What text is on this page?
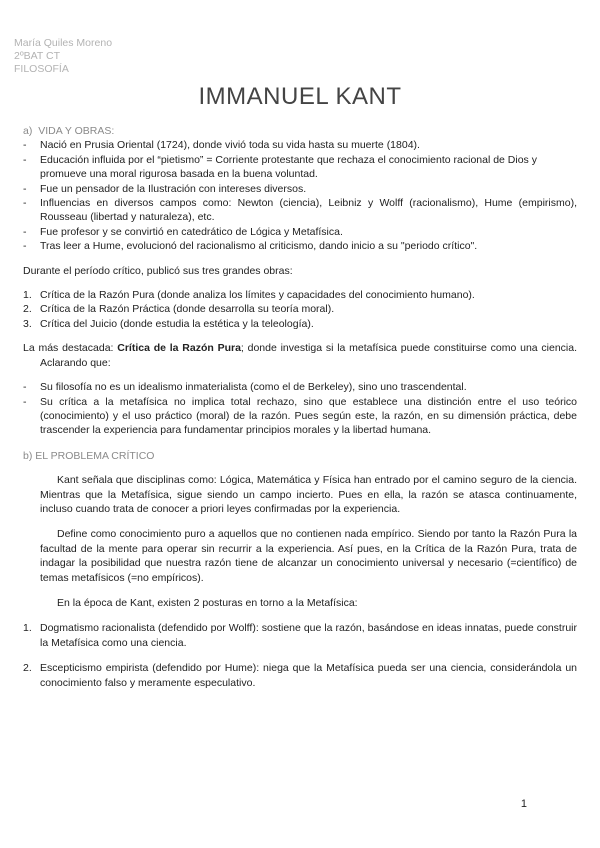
María Quiles Moreno
2ºBAT CT
FILOSOFÍA
IMMANUEL KANT
a) VIDA Y OBRAS:
-	Nació en Prusia Oriental (1724), donde vivió toda su vida hasta su muerte (1804).
-	Educación influida por el “pietismo” = Corriente protestante que rechaza el conocimiento racional de Dios y promueve una moral rigurosa basada en la buena voluntad.
-	Fue un pensador de la Ilustración con intereses diversos.
-	Influencias en diversos campos como: Newton (ciencia), Leibniz y Wolff (racionalismo), Hume (empirismo), Rousseau (libertad y naturaleza), etc.
-	Fue profesor y se convirtió en catedrático de Lógica y Metafísica.
-	Tras leer a Hume, evolucionó del racionalismo al criticismo, dando inicio a su "periodo crítico".
Durante el período crítico, publicó sus tres grandes obras:
1. Crítica de la Razón Pura (donde analiza los límites y capacidades del conocimiento humano).
2. Crítica de la Razón Práctica (donde desarrolla su teoría moral).
3. Crítica del Juicio (donde estudia la estética y la teleología).
La más destacada: Crítica de la Razón Pura; donde investiga si la metafísica puede constituirse como una ciencia. Aclarando que:
-	Su filosofía no es un idealismo inmaterialista (como el de Berkeley), sino uno trascendental.
-	Su crítica a la metafísica no implica total rechazo, sino que establece una distinción entre el uso teórico (conocimiento) y el uso práctico (moral) de la razón. Pues según este, la razón, en su dimensión práctica, debe trascender la experiencia para fundamentar principios morales y la libertad humana.
b) EL PROBLEMA CRÍTICO
Kant señala que disciplinas como: Lógica, Matemática y Física han entrado por el camino seguro de la ciencia. Mientras que la Metafísica, sigue siendo un campo incierto. Pues en ella, la razón se atasca continuamente, incluso cuando trata de conocer a priori leyes confirmadas por la experiencia.
Define como conocimiento puro a aquellos que no contienen nada empírico. Siendo por tanto la Razón Pura la facultad de la mente para operar sin recurrir a la experiencia. Así pues, en la Crítica de la Razón Pura, trata de indagar la posibilidad que nuestra razón tiene de alcanzar un conocimiento universal y necesario (=científico) de temas metafísicos (=no empíricos).
En la época de Kant, existen 2 posturas en torno a la Metafísica:
1. Dogmatismo racionalista (defendido por Wolff): sostiene que la razón, basándose en ideas innatas, puede construir la Metafísica como una ciencia.
2. Escepticismo empirista (defendido por Hume): niega que la Metafísica pueda ser una ciencia, considerándola un conocimiento falso y meramente especulativo.
1
